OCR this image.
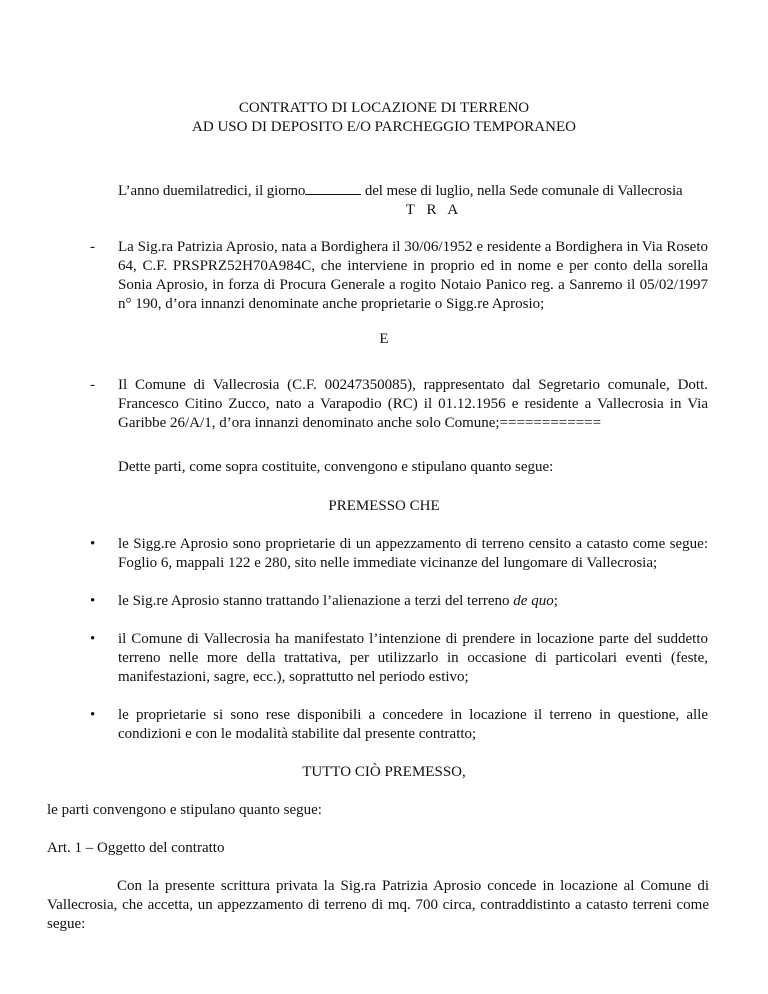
CONTRATTO DI LOCAZIONE DI TERRENO
AD USO DI DEPOSITO E/O PARCHEGGIO TEMPORANEO
L’anno duemilatredici, il giorno	del mese di luglio, nella Sede comunale di Vallecrosia
T R A
- La Sig.ra Patrizia Aprosio, nata a Bordighera il 30/06/1952 e residente a Bordighera in Via Roseto 64, C.F. PRSPRZ52H70A984C, che interviene in proprio ed in nome e per conto della sorella Sonia Aprosio, in forza di Procura Generale a rogito Notaio Panico reg. a Sanremo il 05/02/1997 n° 190, d’ora innanzi denominate anche proprietarie o Sigg.re Aprosio;
E
- Il Comune di Vallecrosia (C.F. 00247350085), rappresentato dal Segretario comunale, Dott. Francesco Citino Zucco, nato a Varapodio (RC) il 01.12.1956 e residente a Vallecrosia in Via Garibbe 26/A/1, d’ora innanzi denominato anche solo Comune;============
Dette parti, come sopra costituite, convengono e stipulano quanto segue:
PREMESSO CHE
• le Sigg.re Aprosio sono proprietarie di un appezzamento di terreno censito a catasto come segue: Foglio 6, mappali 122 e 280, sito nelle immediate vicinanze del lungomare di Vallecrosia;
• le Sig.re Aprosio stanno trattando l’alienazione a terzi del terreno de quo;
• il Comune di Vallecrosia ha manifestato l’intenzione di prendere in locazione parte del suddetto terreno nelle more della trattativa, per utilizzarlo in occasione di particolari eventi (feste, manifestazioni, sagre, ecc.), soprattutto nel periodo estivo;
• le proprietarie si sono rese disponibili a concedere in locazione il terreno in questione, alle condizioni e con le modalità stabilite dal presente contratto;
TUTTO CIÒ PREMESSO,
le parti convengono e stipulano quanto segue:
Art. 1 – Oggetto del contratto
Con la presente scrittura privata la Sig.ra Patrizia Aprosio concede in locazione al Comune di Vallecrosia, che accetta, un appezzamento di terreno di mq. 700 circa, contraddistinto a catasto terreni come segue:
